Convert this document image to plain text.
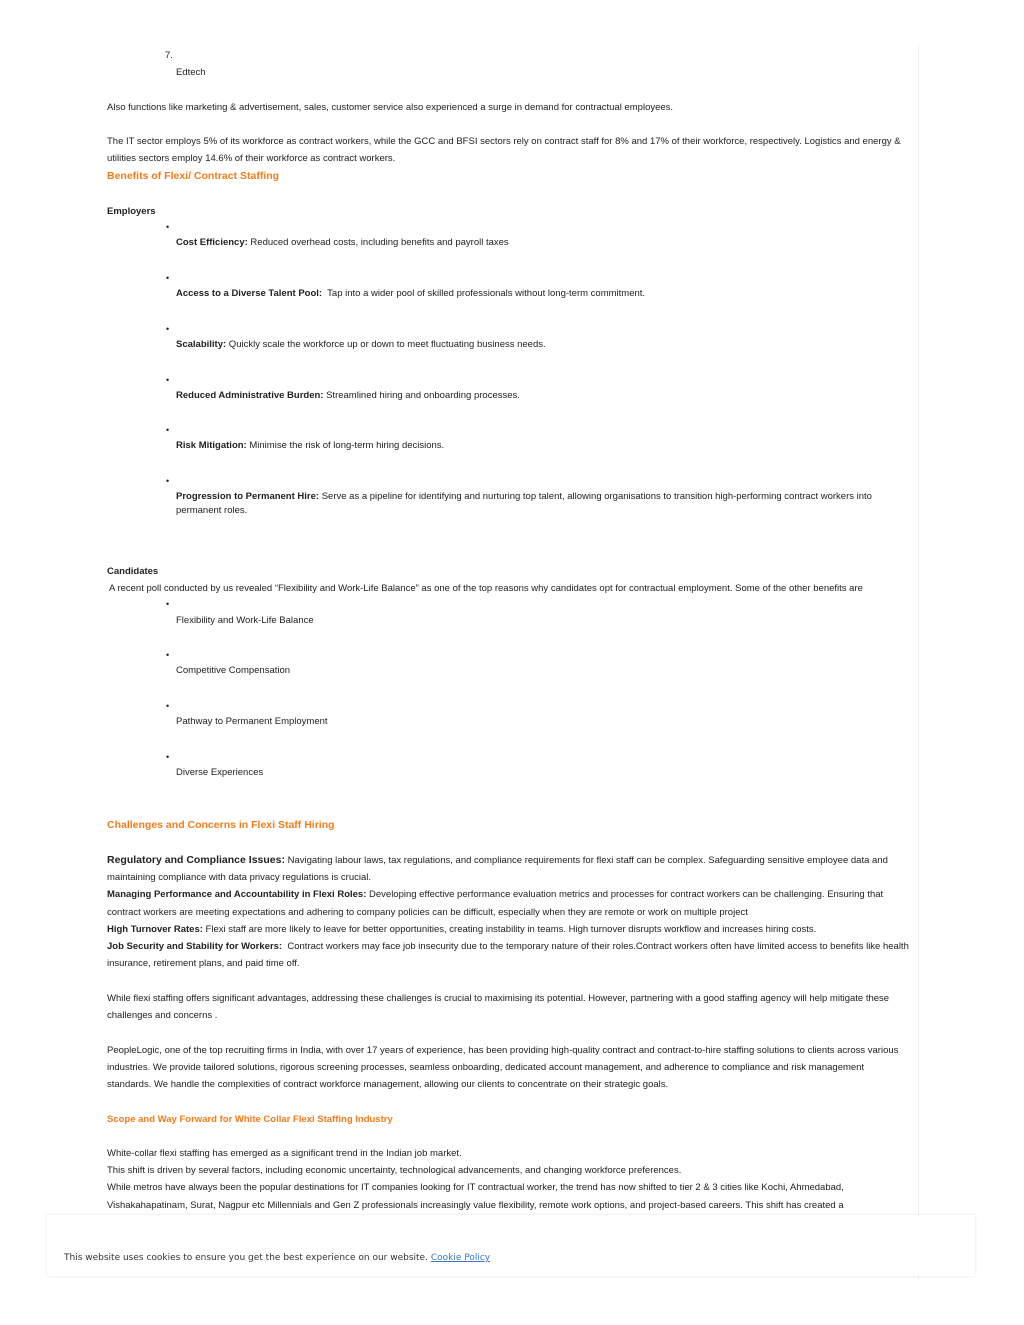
7.

Edtech

Also functions like marketing & advertisement, sales, customer service also experienced a surge in demand for contractual employees.

The IT sector employs 5% of its workforce as contract workers, while the GCC and BFSI sectors rely on contract staff for 8% and 17% of their workforce, respectively. Logistics and energy & utilities sectors employ 14.6% of their workforce as contract workers.

Benefits of Flexi/ Contract Staffing

Employers

•

Cost Efficiency: Reduced overhead costs, including benefits and payroll taxes

•

Access to a Diverse Talent Pool:  Tap into a wider pool of skilled professionals without long-term commitment.

•

Scalability: Quickly scale the workforce up or down to meet fluctuating business needs.

•

Reduced Administrative Burden: Streamlined hiring and onboarding processes.

•

Risk Mitigation: Minimise the risk of long-term hiring decisions.

•

Progression to Permanent Hire: Serve as a pipeline for identifying and nurturing top talent, allowing organisations to transition high-performing contract workers into permanent roles.

Candidates

A recent poll conducted by us revealed “Flexibility and Work-Life Balance” as one of the top reasons why candidates opt for contractual employment. Some of the other benefits are

•

Flexibility and Work-Life Balance

•

Competitive Compensation

•

Pathway to Permanent Employment

•

Diverse Experiences

Challenges and Concerns in Flexi Staff Hiring

Regulatory and Compliance Issues: Navigating labour laws, tax regulations, and compliance requirements for flexi staff can be complex. Safeguarding sensitive employee data and maintaining compliance with data privacy regulations is crucial.
Managing Performance and Accountability in Flexi Roles: Developing effective performance evaluation metrics and processes for contract workers can be challenging. Ensuring that contract workers are meeting expectations and adhering to company policies can be difficult, especially when they are remote or work on multiple project
High Turnover Rates: Flexi staff are more likely to leave for better opportunities, creating instability in teams. High turnover disrupts workflow and increases hiring costs.
Job Security and Stability for Workers:  Contract workers may face job insecurity due to the temporary nature of their roles.Contract workers often have limited access to benefits like health insurance, retirement plans, and paid time off.

While flexi staffing offers significant advantages, addressing these challenges is crucial to maximising its potential. However, partnering with a good staffing agency will help mitigate these challenges and concerns .

PeopleLogic, one of the top recruiting firms in India, with over 17 years of experience, has been providing high-quality contract and contract-to-hire staffing solutions to clients across various industries. We provide tailored solutions, rigorous screening processes, seamless onboarding, dedicated account management, and adherence to compliance and risk management standards. We handle the complexities of contract workforce management, allowing our clients to concentrate on their strategic goals.

Scope and Way Forward for White Collar Flexi Staffing Industry

White-collar flexi staffing has emerged as a significant trend in the Indian job market.
This shift is driven by several factors, including economic uncertainty, technological advancements, and changing workforce preferences.
While metros have always been the popular destinations for IT companies looking for IT contractual worker, the trend has now shifted to tier 2 & 3 cities like Kochi, Ahmedabad, Vishakahapatinam, Surat, Nagpur etc Millennials and Gen Z professionals increasingly value flexibility, remote work options, and project-based careers. This shift has created a

This website uses cookies to ensure you get the best experience on our website. Cookie Policy
